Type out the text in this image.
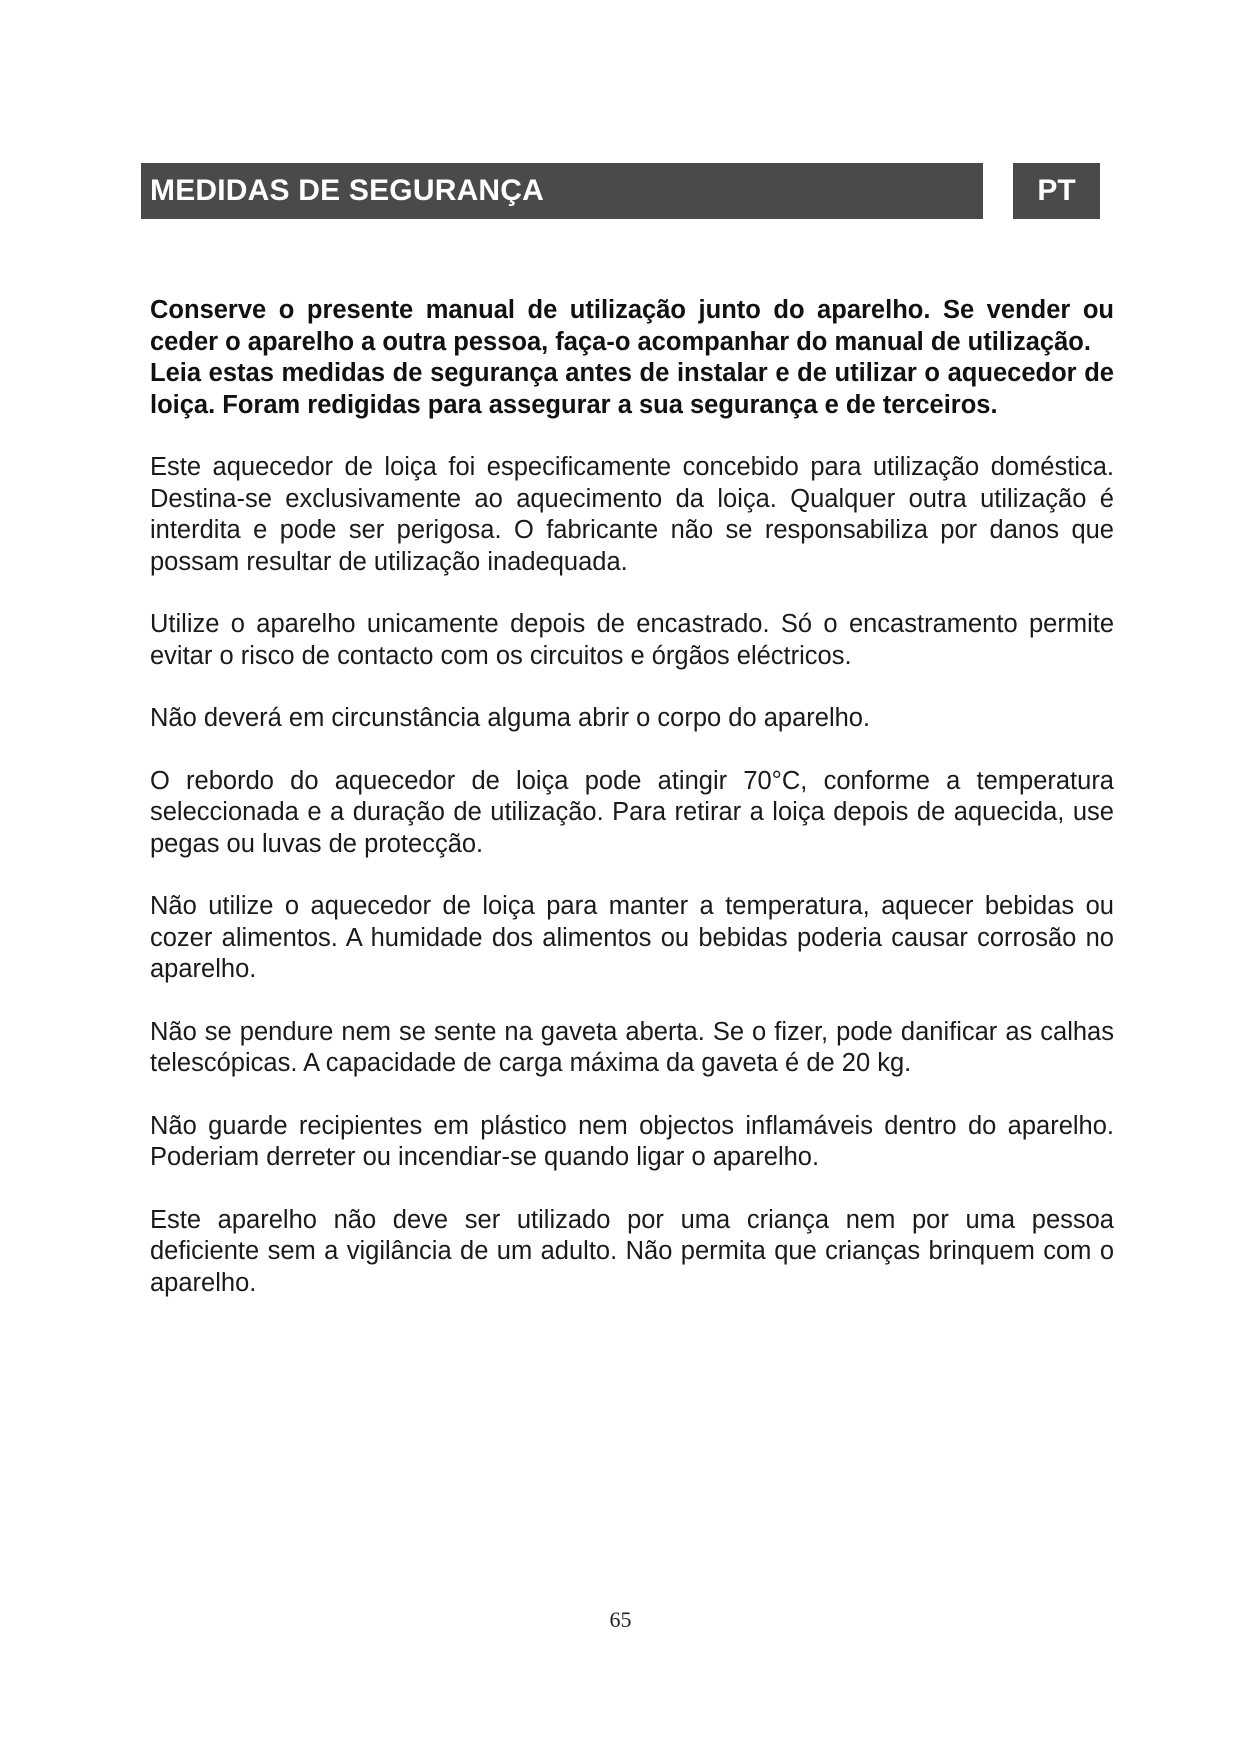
MEDIDAS DE SEGURANÇA	PT

Conserve o presente manual de utilização junto do aparelho. Se vender ou ceder o aparelho a outra pessoa, faça-o acompanhar do manual de utilização.

Leia estas medidas de segurança antes de instalar e de utilizar o aquecedor de loiça. Foram redigidas para assegurar a sua segurança e de terceiros.

Este aquecedor de loiça foi especificamente concebido para utilização doméstica. Destina-se exclusivamente ao aquecimento da loiça. Qualquer outra utilização é interdita e pode ser perigosa. O fabricante não se responsabiliza por danos que possam resultar de utilização inadequada.

Utilize o aparelho unicamente depois de encastrado. Só o encastramento permite evitar o risco de contacto com os circuitos e órgãos eléctricos.

Não deverá em circunstância alguma abrir o corpo do aparelho.

O rebordo do aquecedor de loiça pode atingir 70°C, conforme a temperatura seleccionada e a duração de utilização. Para retirar a loiça depois de aquecida, use pegas ou luvas de protecção.

Não utilize o aquecedor de loiça para manter a temperatura, aquecer bebidas ou cozer alimentos. A humidade dos alimentos ou bebidas poderia causar corrosão no aparelho.

Não se pendure nem se sente na gaveta aberta. Se o fizer, pode danificar as calhas telescópicas. A capacidade de carga máxima da gaveta é de 20 kg.

Não guarde recipientes em plástico nem objectos inflamáveis dentro do aparelho. Poderiam derreter ou incendiar-se quando ligar o aparelho.

Este aparelho não deve ser utilizado por uma criança nem por uma pessoa deficiente sem a vigilância de um adulto. Não permita que crianças brinquem com o aparelho.

65
